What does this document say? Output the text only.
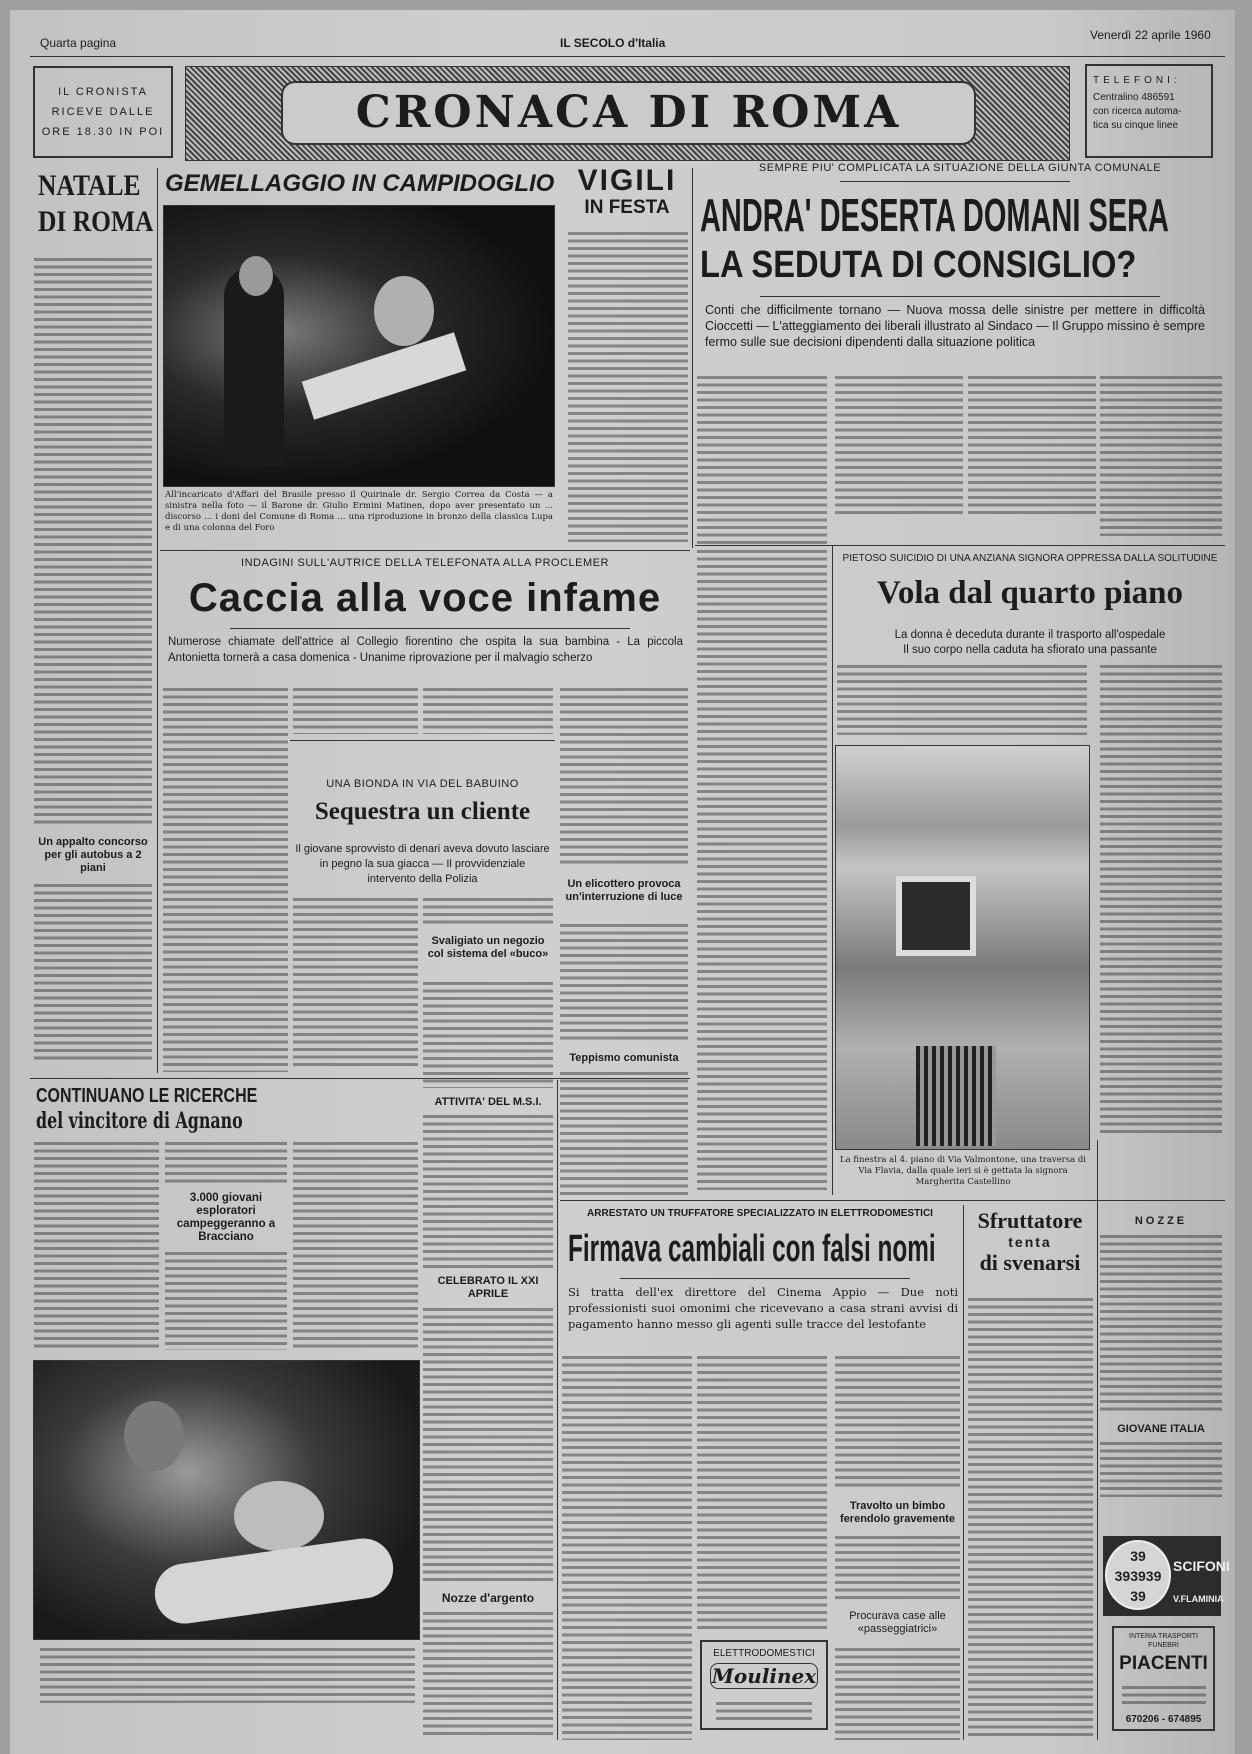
Quarta pagina	IL SECOLO d'Italia
Venerdì 22 aprile 1960
IL CRONISTA
RICEVE DALLE
ORE 18.30 IN POI	CRONACA DI ROMA
TELEFONI:
Centralino 486591
con ricerca automa-
tica su cinque linee
NATALE
DI ROMA
Un appalto concorso per gli autobus a 2 piani
GEMELLAGGIO IN CAMPIDOGLIO
All'incaricato d'Affari del Brasile presso il Quirinale dr. Sergio Correa da Costa — a sinistra nella foto — il Barone dr. Giulio Ermini Matinen, dopo aver presentato un ... discorso ... i doni del Comune di Roma ... una riproduzione in bronzo della classica Lupa e di una colonna del Foro
VIGILI
IN FESTA
SEMPRE PIU' COMPLICATA LA SITUAZIONE DELLA GIUNTA COMUNALE
ANDRA' DESERTA DOMANI SERA
LA SEDUTA DI CONSIGLIO?
Conti che difficilmente tornano — Nuova mossa delle sinistre per mettere in difficoltà Cioccetti — L'atteggiamento dei liberali illustrato al Sindaco — Il Gruppo missino è sempre fermo sulle sue decisioni dipendenti dalla situazione politica
INDAGINI SULL'AUTRICE DELLA TELEFONATA ALLA PROCLEMER
Caccia alla voce infame
Numerose chiamate dell'attrice al Collegio fiorentino che ospita la sua bambina - La piccola Antonietta tornerà a casa domenica - Unanime riprovazione per il malvagio scherzo
UNA BIONDA IN VIA DEL BABUINO
Sequestra un cliente
Il giovane sprovvisto di denari aveva dovuto lasciare in pegno la sua giacca — Il provvidenziale intervento della Polizia
Svaligiato un negozio col sistema del «buco»
Un elicottero provoca un'interruzione di luce
Teppismo comunista
ATTIVITA' DEL M.S.I.
CELEBRATO IL XXI APRILE
Nozze d'argento
PIETOSO SUICIDIO DI UNA ANZIANA SIGNORA OPPRESSA DALLA SOLITUDINE
Vola dal quarto piano
La donna è deceduta durante il trasporto all'ospedale
Il suo corpo nella caduta ha sfiorato una passante
La finestra al 4. piano di Via Valmontone, una traversa di Via Flavia, dalla quale ieri si è gettata la signora Margherita Castellino
NOZZE
GIOVANE ITALIA
CONTINUANO LE RICERCHE
del vincitore di Agnano
3.000 giovani esploratori campeggeranno a Bracciano
ARRESTATO UN TRUFFATORE SPECIALIZZATO IN ELETTRODOMESTICI
Firmava cambiali con falsi nomi
Si tratta dell'ex direttore del Cinema Appio — Due noti professionisti suoi omonimi che ricevevano a casa strani avvisi di pagamento hanno messo gli agenti sulle tracce del lestofante
Travolto un bimbo ferendolo gravemente
Procurava case alle «passeggiatrici»
ELETTRODOMESTICI
Moulinex
Sfruttatore
tenta
di svenarsi
39 393939 39
SCIFONI
V.FLAMINIA
INTERIA TRASPORTI FUNEBRI
PIACENTI
670206 - 674895
